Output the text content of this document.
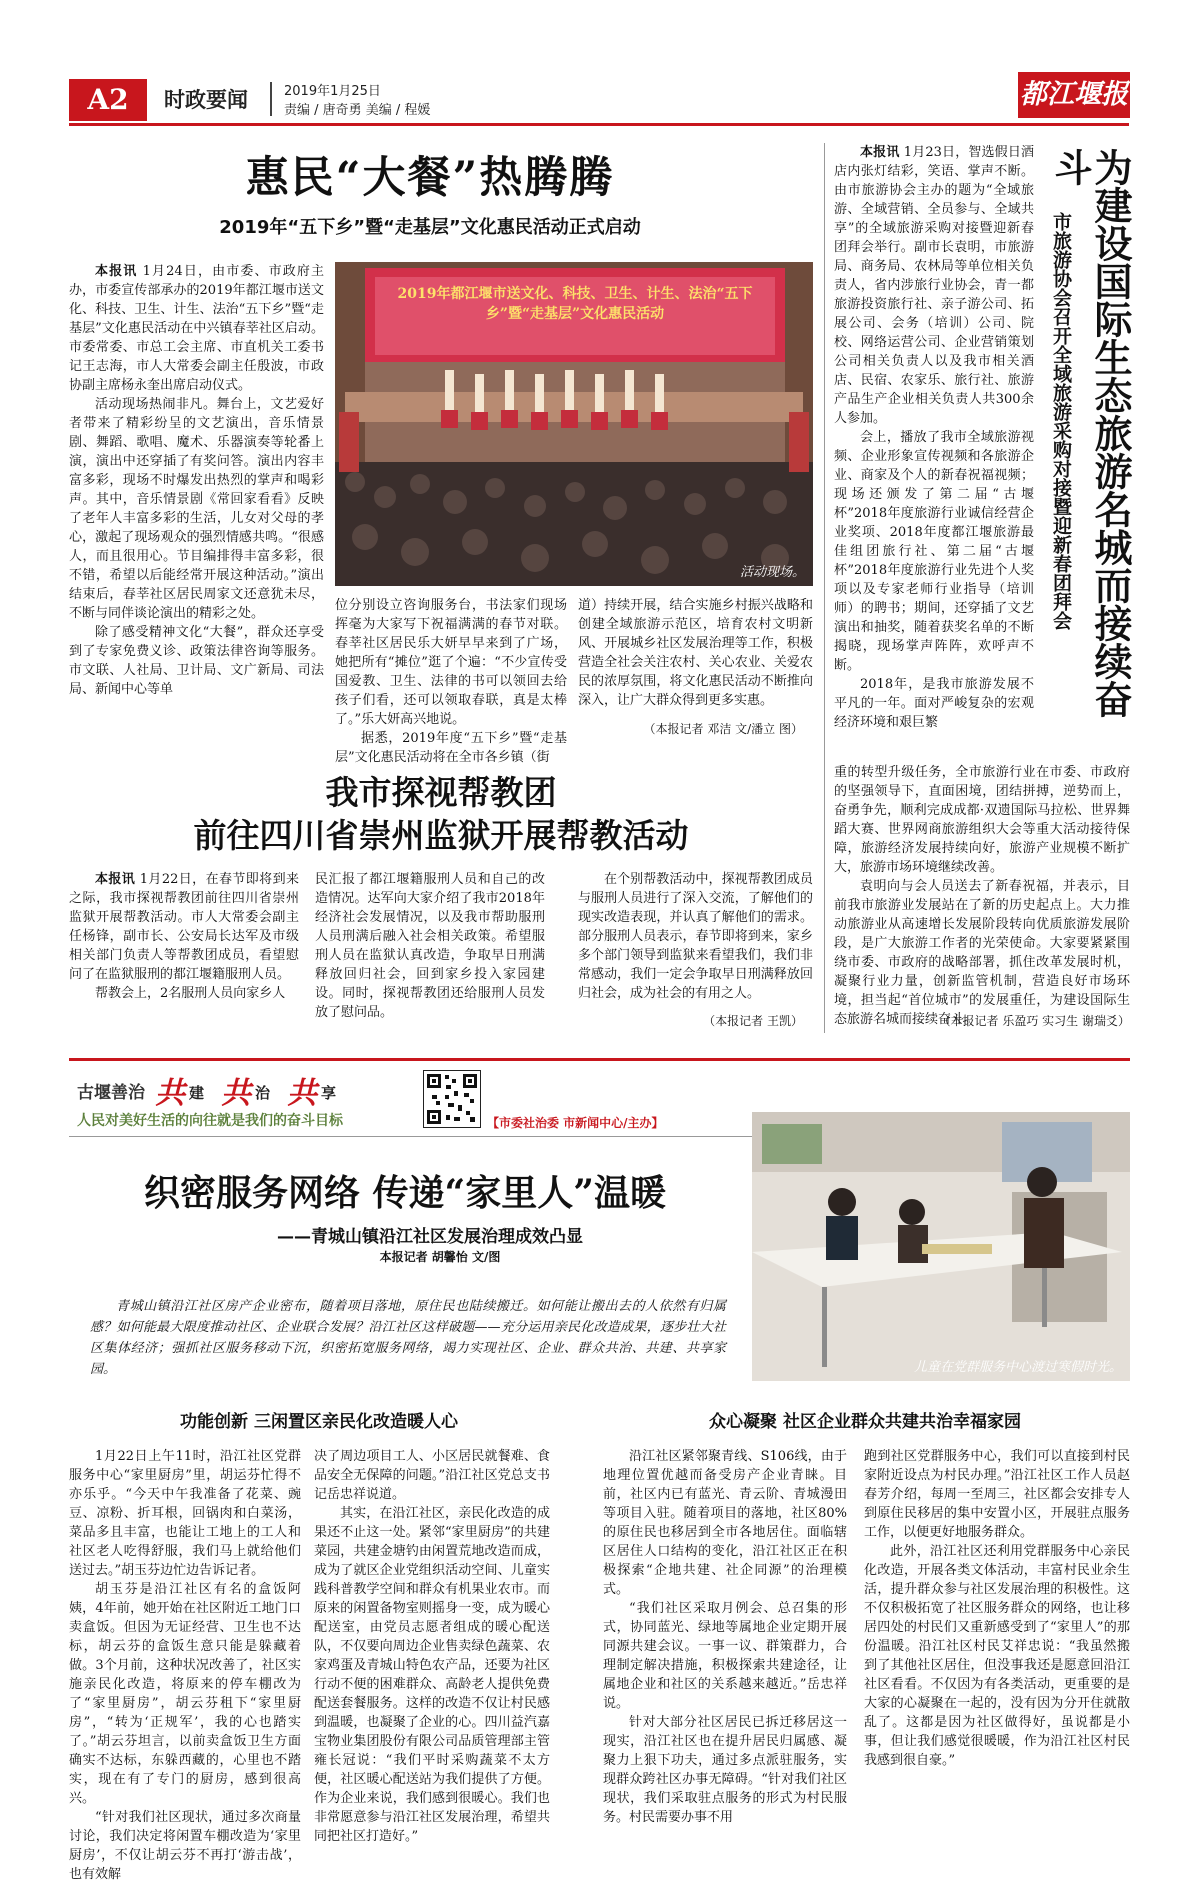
A2	时政要闻	2019年1月25日
责编 / 唐奇勇 美编 / 程媛
都江堰报
惠民“大餐”热腾腾
2019年“五下乡”暨“走基层”文化惠民活动正式启动

本报讯 1月24日，由市委、市政府主办，市委宣传部承办的2019年都江堰市送文化、科技、卫生、计生、法治“五下乡”暨“走基层”文化惠民活动在中兴镇春莘社区启动。市委常委、市总工会主席、市直机关工委书记王志海，市人大常委会副主任殷波，市政协副主席杨永奎出席启动仪式。

活动现场热闹非凡。舞台上，文艺爱好者带来了精彩纷呈的文艺演出，音乐情景剧、舞蹈、歌唱、魔术、乐器演奏等轮番上演，演出中还穿插了有奖问答。演出内容丰富多彩，现场不时爆发出热烈的掌声和喝彩声。其中，音乐情景剧《常回家看看》反映了老年人丰富多彩的生活，儿女对父母的孝心，激起了现场观众的强烈情感共鸣。“很感人，而且很用心。节目编排得丰富多彩，很不错，希望以后能经常开展这种活动。”演出结束后，春莘社区居民周家文还意犹未尽，不断与同伴谈论演出的精彩之处。

除了感受精神文化“大餐”，群众还享受到了专家免费义诊、政策法律咨询等服务。市文联、人社局、卫计局、文广新局、司法局、新闻中心等单

2019年都江堰市送文化、科技、卫生、计生、法治“五下乡”暨“走基层”文化惠民活动
活动现场。

位分别设立咨询服务台，书法家们现场挥毫为大家写下祝福满满的春节对联。春莘社区居民乐大妍早早来到了广场，她把所有“摊位”逛了个遍：“不少宣传受国爱教、卫生、法律的书可以领回去给孩子们看，还可以领取春联，真是太棒了。”乐大妍高兴地说。

据悉，2019年度“五下乡”暨“走基层”文化惠民活动将在全市各乡镇（街

道）持续开展，结合实施乡村振兴战略和创建全域旅游示范区，培育农村文明新风、开展城乡社区发展治理等工作，积极营造全社会关注农村、关心农业、关爱农民的浓厚氛围，将文化惠民活动不断推向深入，让广大群众得到更多实惠。

（本报记者 邓洁 文/潘立 图）
为建设国际生态旅游名城而接续奋斗
市旅游协会召开全域旅游采购对接暨迎新春团拜会

本报讯 1月23日，智选假日酒店内张灯结彩，笑语、掌声不断。由市旅游协会主办的题为“全域旅游、全域营销、全员参与、全域共享”的全域旅游采购对接暨迎新春团拜会举行。副市长袁明，市旅游局、商务局、农林局等单位相关负责人，省内涉旅行业协会，青一都旅游投资旅行社、亲子游公司、拓展公司、会务（培训）公司、院校、网络运营公司、企业营销策划公司相关负责人以及我市相关酒店、民宿、农家乐、旅行社、旅游产品生产企业相关负责人共300余人参加。

会上，播放了我市全域旅游视频、企业形象宣传视频和各旅游企业、商家及个人的新春祝福视频；现场还颁发了第二届“古堰杯”2018年度旅游行业诚信经营企业奖项、2018年度都江堰旅游最佳组团旅行社、第二届“古堰杯”2018年度旅游行业先进个人奖项以及专家老师行业指导（培训师）的聘书；期间，还穿插了文艺演出和抽奖，随着获奖名单的不断揭晓，现场掌声阵阵，欢呼声不断。

2018年，是我市旅游发展不平凡的一年。面对严峻复杂的宏观经济环境和艰巨繁

重的转型升级任务，全市旅游行业在市委、市政府的坚强领导下，直面困境，团结拼搏，逆势而上，奋勇争先，顺利完成成都·双遗国际马拉松、世界舞蹈大赛、世界网商旅游组织大会等重大活动接待保障，旅游经济发展持续向好，旅游产业规模不断扩大，旅游市场环境继续改善。

袁明向与会人员送去了新春祝福，并表示，目前我市旅游业发展站在了新的历史起点上。大力推动旅游业从高速增长发展阶段转向优质旅游发展阶段，是广大旅游工作者的光荣使命。大家要紧紧围绕市委、市政府的战略部署，抓住改革发展时机，凝聚行业力量，创新监管机制，营造良好市场环境，担当起“首位城市”的发展重任，为建设国际生态旅游名城而接续奋斗。

（本报记者 乐盈巧 实习生 谢瑞爻）
我市探视帮教团
前往四川省崇州监狱开展帮教活动

本报讯 1月22日，在春节即将到来之际，我市探视帮教团前往四川省崇州监狱开展帮教活动。市人大常委会副主任杨锋，副市长、公安局长达军及市级相关部门负责人等帮教团成员，看望慰问了在监狱服刑的都江堰籍服刑人员。

帮教会上，2名服刑人员向家乡人

民汇报了都江堰籍服刑人员和自己的改造情况。达军向大家介绍了我市2018年经济社会发展情况，以及我市帮助服刑人员刑满后融入社会相关政策。希望服刑人员在监狱认真改造，争取早日刑满释放回归社会，回到家乡投入家园建设。同时，探视帮教团还给服刑人员发放了慰问品。

在个别帮教活动中，探视帮教团成员与服刑人员进行了深入交流，了解他们的现实改造表现，并认真了解他们的需求。部分服刑人员表示，春节即将到来，家乡多个部门领导到监狱来看望我们，我们非常感动，我们一定会争取早日刑满释放回归社会，成为社会的有用之人。

（本报记者 王凯）
古堰善治 共 建 共 治 共 享
人民对美好生活的向往就是我们的奋斗目标	【市委社治委 市新闻中心/主办】
织密服务网络 传递“家里人”温暖
——青城山镇沿江社区发展治理成效凸显
本报记者 胡馨怡 文/图
青城山镇沿江社区房产企业密布，随着项目落地，原住民也陆续搬迁。如何能让搬出去的人依然有归属感？如何能最大限度推动社区、企业联合发展？沿江社区这样破题——充分运用亲民化改造成果，逐步壮大社区集体经济；强抓社区服务移动下沉，织密拓宽服务网络，竭力实现社区、企业、群众共治、共建、共享家园。	儿童在党群服务中心渡过寒假时光。
功能创新 三闲置区亲民化改造暖人心	众心凝聚 社区企业群众共建共治幸福家园

1月22日上午11时，沿江社区党群服务中心“家里厨房”里，胡运芬忙得不亦乐乎。“今天中午我准备了花菜、豌豆、凉粉、折耳根，回锅肉和白菜汤，菜品多且丰富，也能让工地上的工人和社区老人吃得舒服，我们马上就给他们送过去。”胡玉芬边忙边告诉记者。

胡玉芬是沿江社区有名的盒饭阿姨，4年前，她开始在社区附近工地门口卖盒饭。但因为无证经营、卫生也不达标，胡云芬的盒饭生意只能是躲藏着做。3个月前，这种状况改善了，社区实施亲民化改造，将原来的停车棚改为了“家里厨房”，胡云芬租下“家里厨房”，“转为‘正规军’，我的心也踏实了。”胡云芬坦言，以前卖盒饭卫生方面确实不达标，东躲西藏的，心里也不踏实，现在有了专门的厨房，感到很高兴。

“针对我们社区现状，通过多次商量讨论，我们决定将闲置车棚改造为‘家里厨房’，不仅让胡云芬不再打‘游击战’，也有效解

决了周边项目工人、小区居民就餐难、食品安全无保障的问题。”沿江社区党总支书记岳忠祥说道。

其实，在沿江社区，亲民化改造的成果还不止这一处。紧邻“家里厨房”的共建菜园，共建金塘钓由闲置荒地改造而成，成为了就区企业党组织活动空间、儿童实践科普教学空间和群众有机果业农市。而原来的闲置备物室则摇身一变，成为暖心配送室，由党员志愿者组成的暖心配送队，不仅要向周边企业售卖绿色蔬菜、农家鸡蛋及青城山特色农产品，还要为社区行动不便的困难群众、高龄老人提供免费配送套餐服务。这样的改造不仅让村民感到温暖，也凝聚了企业的心。四川益汽嘉宝物业集团股份有限公司品质管理部主管雍长冠说：“我们平时采购蔬菜不太方便，社区暖心配送站为我们提供了方便。作为企业来说，我们感到很暖心。我们也非常愿意参与沿江社区发展治理，希望共同把社区打造好。”

沿江社区紧邻聚青线、S106线，由于地理位置优越而备受房产企业青睐。目前，社区内已有蓝光、青云阶、青城漫田等项目入驻。随着项目的落地，社区80%的原住民也移居到全市各地居住。面临辖区居住人口结构的变化，沿江社区正在积极探索“企地共建、社企同源”的治理模式。

“我们社区采取月例会、总召集的形式，协同蓝光、绿地等属地企业定期开展同源共建会议。一事一议、群策群力，合理制定解决措施，积极探索共建途径，让属地企业和社区的关系越来越近。”岳忠祥说。

针对大部分社区居民已拆迁移居这一现实，沿江社区也在提升居民归属感、凝聚力上狠下功夫，通过多点派驻服务，实现群众跨社区办事无障碍。“针对我们社区现状，我们采取驻点服务的形式为村民服务。村民需要办事不用

跑到社区党群服务中心，我们可以直接到村民家附近设点为村民办理。”沿江社区工作人员赵春芳介绍，每周一至周三，社区都会安排专人到原住民移居的集中安置小区，开展驻点服务工作，以便更好地服务群众。

此外，沿江社区还利用党群服务中心亲民化改造，开展各类文体活动，丰富村民业余生活，提升群众参与社区发展治理的积极性。这不仅积极拓宽了社区服务群众的网络，也让移居四处的村民们又重新感受到了“家里人”的那份温暖。沿江社区村民艾祥忠说：“我虽然搬到了其他社区居住，但没事我还是愿意回沿江社区看看。不仅因为有各类活动，更重要的是大家的心凝聚在一起的，没有因为分开住就散乱了。这都是因为社区做得好，虽说都是小事，但让我们感觉很暖暖，作为沿江社区村民我感到很自豪。”
